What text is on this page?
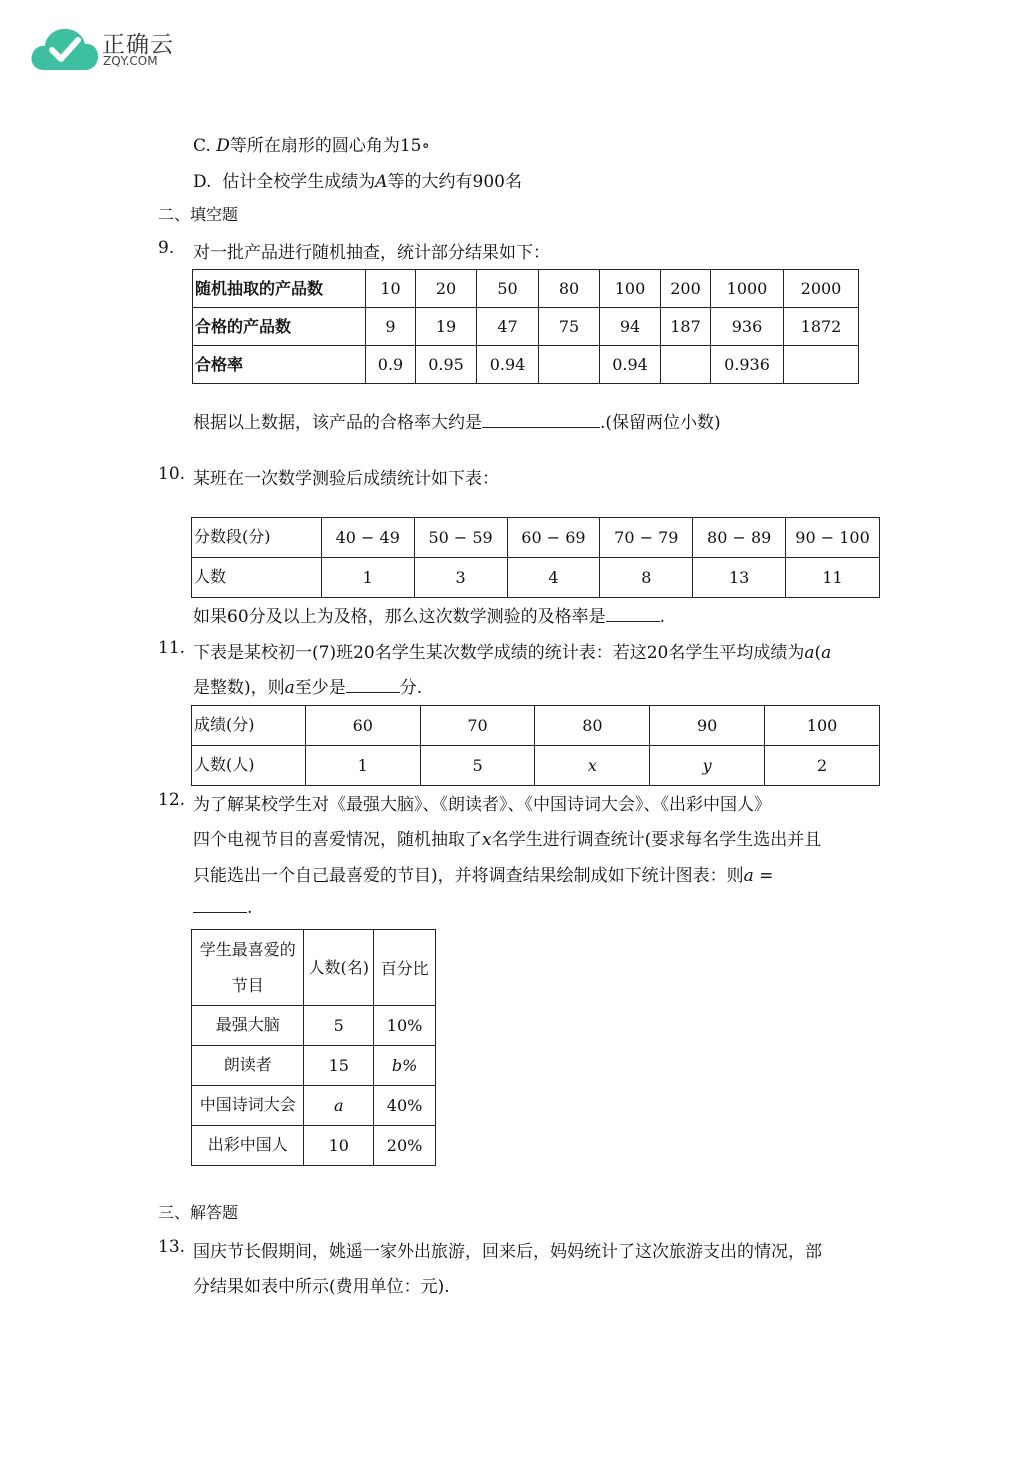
正确云
ZQY.COM
C. D等所在扇形的圆心角为15∘
D. 估计全校学生成绩为A等的大约有900名
二、填空题
9. 对一批产品进行随机抽查，统计部分结果如下：
随机抽取的产品数	10	20	50	80	100	200	1000	2000
合格的产品数	9	19	47	75	94	187	936	1872
合格率	0.9	0.95	0.94		0.94		0.936	
根据以上数据，该产品的合格率大约是	.(保留两位小数)
10. 某班在一次数学测验后成绩统计如下表：
分数段(分)	40 − 49	50 − 59	60 − 69	70 − 79	80 − 89	90 − 100
人数	1	3	4	8	13	11
如果60分及以上为及格，那么这次数学测验的及格率是	.
11. 下表是某校初一(7)班20名学生某次数学成绩的统计表：若这20名学生平均成绩为a(a
是整数)，则a至少是	分.
成绩(分)	60	70	80	90	100
人数(人)	1	5	x	y	2
12. 为了解某校学生对《最强大脑》、《朗读者》、《中国诗词大会》、《出彩中国人》
四个电视节目的喜爱情况，随机抽取了x名学生进行调查统计(要求每名学生选出并且
只能选出一个自己最喜爱的节目)，并将调查结果绘制成如下统计图表：则a =
.
学生最喜爱的节目	人数(名)	百分比
最强大脑	5	10%
朗读者	15	b%
中国诗词大会	a	40%
出彩中国人	10	20%
三、解答题
13. 国庆节长假期间，姚遥一家外出旅游，回来后，妈妈统计了这次旅游支出的情况，部
分结果如表中所示(费用单位：元).
